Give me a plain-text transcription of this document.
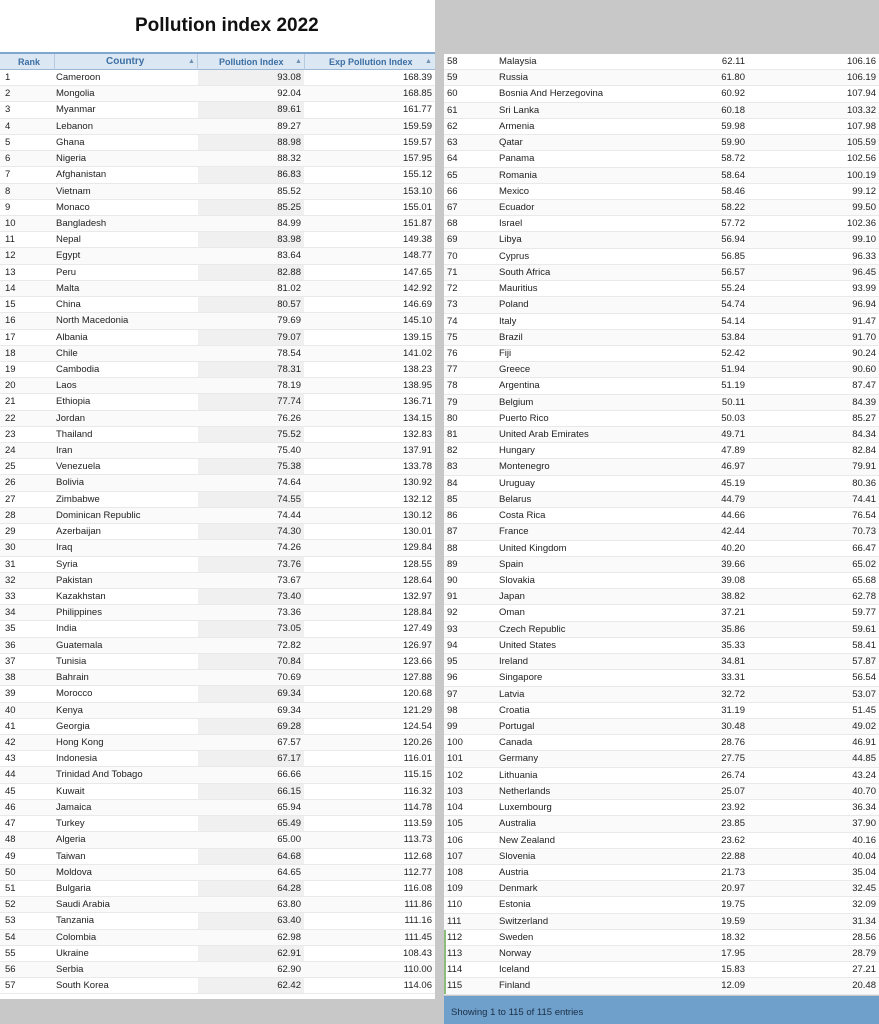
Pollution index 2022
Rank	Country	▲	Pollution Index ▲	Exp Pollution Index ▲
1	Cameroon	93.08	168.39
2	Mongolia	92.04	168.85
3	Myanmar	89.61	161.77
4	Lebanon	89.27	159.59
5	Ghana	88.98	159.57
6	Nigeria	88.32	157.95
7	Afghanistan	86.83	155.12
8	Vietnam	85.52	153.10
9	Monaco	85.25	155.01
10	Bangladesh	84.99	151.87
11	Nepal	83.98	149.38
12	Egypt	83.64	148.77
13	Peru	82.88	147.65
14	Malta	81.02	142.92
15	China	80.57	146.69
16	North Macedonia	79.69	145.10
17	Albania	79.07	139.15
18	Chile	78.54	141.02
19	Cambodia	78.31	138.23
20	Laos	78.19	138.95
21	Ethiopia	77.74	136.71
22	Jordan	76.26	134.15
23	Thailand	75.52	132.83
24	Iran	75.40	137.91
25	Venezuela	75.38	133.78
26	Bolivia	74.64	130.92
27	Zimbabwe	74.55	132.12
28	Dominican Republic	74.44	130.12
29	Azerbaijan	74.30	130.01
30	Iraq	74.26	129.84
31	Syria	73.76	128.55
32	Pakistan	73.67	128.64
33	Kazakhstan	73.40	132.97
34	Philippines	73.36	128.84
35	India	73.05	127.49
36	Guatemala	72.82	126.97
37	Tunisia	70.84	123.66
38	Bahrain	70.69	127.88
39	Morocco	69.34	120.68
40	Kenya	69.34	121.29
41	Georgia	69.28	124.54
42	Hong Kong	67.57	120.26
43	Indonesia	67.17	116.01
44	Trinidad And Tobago	66.66	115.15
45	Kuwait	66.15	116.32
46	Jamaica	65.94	114.78
47	Turkey	65.49	113.59
48	Algeria	65.00	113.73
49	Taiwan	64.68	112.68
50	Moldova	64.65	112.77
51	Bulgaria	64.28	116.08
52	Saudi Arabia	63.80	111.86
53	Tanzania	63.40	111.16
54	Colombia	62.98	111.45
55	Ukraine	62.91	108.43
56	Serbia	62.90	110.00
57	South Korea	62.42	114.06
58	Malaysia	62.11	106.16
59	Russia	61.80	106.19
60	Bosnia And Herzegovina	60.92	107.94
61	Sri Lanka	60.18	103.32
62	Armenia	59.98	107.98
63	Qatar	59.90	105.59
64	Panama	58.72	102.56
65	Romania	58.64	100.19
66	Mexico	58.46	99.12
67	Ecuador	58.22	99.50
68	Israel	57.72	102.36
69	Libya	56.94	99.10
70	Cyprus	56.85	96.33
71	South Africa	56.57	96.45
72	Mauritius	55.24	93.99
73	Poland	54.74	96.94
74	Italy	54.14	91.47
75	Brazil	53.84	91.70
76	Fiji	52.42	90.24
77	Greece	51.94	90.60
78	Argentina	51.19	87.47
79	Belgium	50.11	84.39
80	Puerto Rico	50.03	85.27
81	United Arab Emirates	49.71	84.34
82	Hungary	47.89	82.84
83	Montenegro	46.97	79.91
84	Uruguay	45.19	80.36
85	Belarus	44.79	74.41
86	Costa Rica	44.66	76.54
87	France	42.44	70.73
88	United Kingdom	40.20	66.47
89	Spain	39.66	65.02
90	Slovakia	39.08	65.68
91	Japan	38.82	62.78
92	Oman	37.21	59.77
93	Czech Republic	35.86	59.61
94	United States	35.33	58.41
95	Ireland	34.81	57.87
96	Singapore	33.31	56.54
97	Latvia	32.72	53.07
98	Croatia	31.19	51.45
99	Portugal	30.48	49.02
100	Canada	28.76	46.91
101	Germany	27.75	44.85
102	Lithuania	26.74	43.24
103	Netherlands	25.07	40.70
104	Luxembourg	23.92	36.34
105	Australia	23.85	37.90
106	New Zealand	23.62	40.16
107	Slovenia	22.88	40.04
108	Austria	21.73	35.04
109	Denmark	20.97	32.45
110	Estonia	19.75	32.09
111	Switzerland	19.59	31.34
112	Sweden	18.32	28.56
113	Norway	17.95	28.79
114	Iceland	15.83	27.21
115	Finland	12.09	20.48
Showing 1 to 115 of 115 entries
